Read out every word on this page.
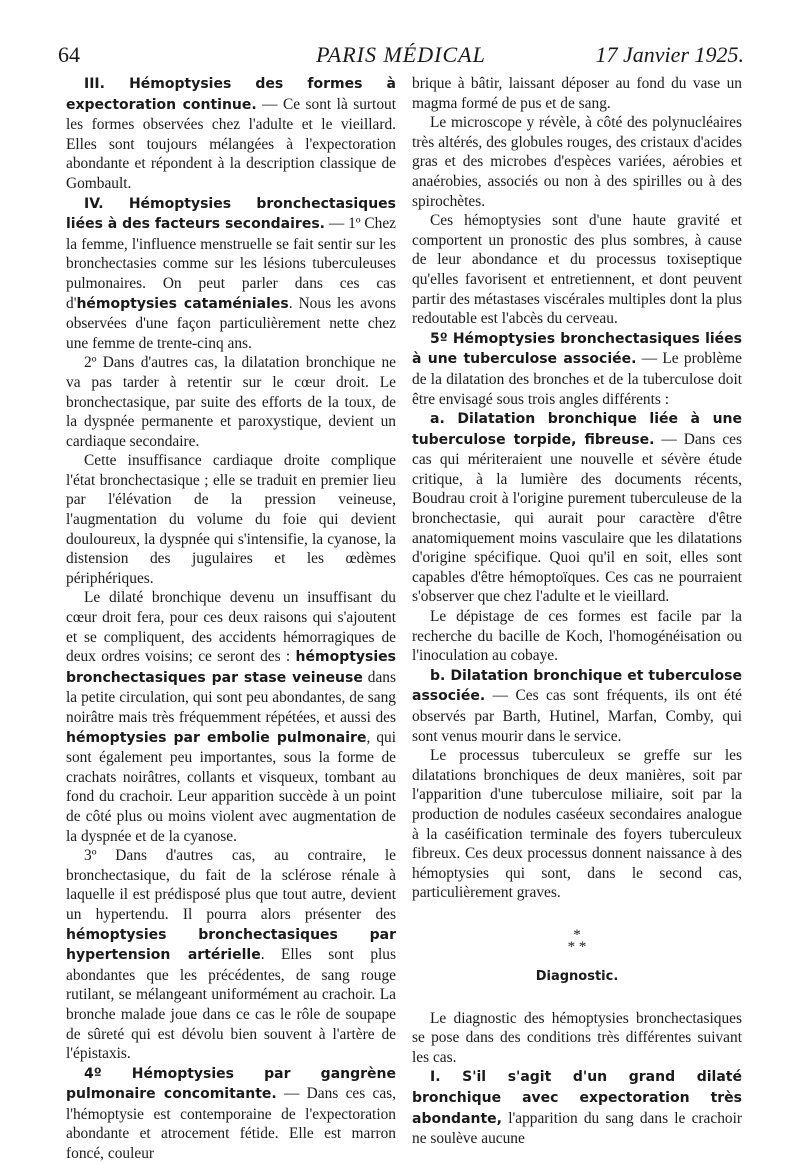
64	PARIS MÉDICAL	17 Janvier 1925.

III. Hémoptysies des formes à expectoration continue. — Ce sont là surtout les formes observées chez l'adulte et le vieillard. Elles sont toujours mélangées à l'expectoration abondante et répondent à la description classique de Gombault.

IV. Hémoptysies bronchectasiques liées à des facteurs secondaires. — 1º Chez la femme, l'influence menstruelle se fait sentir sur les bronchectasies comme sur les lésions tuberculeuses pulmonaires. On peut parler dans ces cas d'hémoptysies cataméniales. Nous les avons observées d'une façon particulièrement nette chez une femme de trente-cinq ans.

2º Dans d'autres cas, la dilatation bronchique ne va pas tarder à retentir sur le cœur droit. Le bronchectasique, par suite des efforts de la toux, de la dyspnée permanente et paroxystique, devient un cardiaque secondaire.

Cette insuffisance cardiaque droite complique l'état bronchectasique ; elle se traduit en premier lieu par l'élévation de la pression veineuse, l'augmentation du volume du foie qui devient douloureux, la dyspnée qui s'intensifie, la cyanose, la distension des jugulaires et les œdèmes périphériques.

Le dilaté bronchique devenu un insuffisant du cœur droit fera, pour ces deux raisons qui s'ajoutent et se compliquent, des accidents hémorragiques de deux ordres voisins; ce seront des : hémoptysies bronchectasiques par stase veineuse dans la petite circulation, qui sont peu abondantes, de sang noirâtre mais très fréquemment répétées, et aussi des hémoptysies par embolie pulmonaire, qui sont également peu importantes, sous la forme de crachats noirâtres, collants et visqueux, tombant au fond du crachoir. Leur apparition succède à un point de côté plus ou moins violent avec augmentation de la dyspnée et de la cyanose.

3º Dans d'autres cas, au contraire, le bronchectasique, du fait de la sclérose rénale à laquelle il est prédisposé plus que tout autre, devient un hypertendu. Il pourra alors présenter des hémoptysies bronchectasiques par hypertension artérielle. Elles sont plus abondantes que les précédentes, de sang rouge rutilant, se mélangeant uniformément au crachoir. La bronche malade joue dans ce cas le rôle de soupape de sûreté qui est dévolu bien souvent à l'artère de l'épistaxis.

4º Hémoptysies par gangrène pulmonaire concomitante. — Dans ces cas, l'hémoptysie est contemporaine de l'expectoration abondante et atrocement fétide. Elle est marron foncé, couleur

brique à bâtir, laissant déposer au fond du vase un magma formé de pus et de sang.

Le microscope y révèle, à côté des polynucléaires très altérés, des globules rouges, des cristaux d'acides gras et des microbes d'espèces variées, aérobies et anaérobies, associés ou non à des spirilles ou à des spirochètes.

Ces hémoptysies sont d'une haute gravité et comportent un pronostic des plus sombres, à cause de leur abondance et du processus toxiseptique qu'elles favorisent et entretiennent, et dont peuvent partir des métastases viscérales multiples dont la plus redoutable est l'abcès du cerveau.

5º Hémoptysies bronchectasiques liées à une tuberculose associée. — Le problème de la dilatation des bronches et de la tuberculose doit être envisagé sous trois angles différents :

a. Dilatation bronchique liée à une tuberculose torpide, fibreuse. — Dans ces cas qui mériteraient une nouvelle et sévère étude critique, à la lumière des documents récents, Boudrau croit à l'origine purement tuberculeuse de la bronchectasie, qui aurait pour caractère d'être anatomiquement moins vasculaire que les dilatations d'origine spécifique. Quoi qu'il en soit, elles sont capables d'être hémoptoïques. Ces cas ne pourraient s'observer que chez l'adulte et le vieillard.

Le dépistage de ces formes est facile par la recherche du bacille de Koch, l'homogénéisation ou l'inoculation au cobaye.

b. Dilatation bronchique et tuberculose associée. — Ces cas sont fréquents, ils ont été observés par Barth, Hutinel, Marfan, Comby, qui sont venus mourir dans le service.

Le processus tuberculeux se greffe sur les dilatations bronchiques de deux manières, soit par l'apparition d'une tuberculose miliaire, soit par la production de nodules caséeux secondaires analogue à la caséification terminale des foyers tuberculeux fibreux. Ces deux processus donnent naissance à des hémoptysies qui sont, dans le second cas, particulièrement graves.

*
* *
Diagnostic.

Le diagnostic des hémoptysies bronchectasiques se pose dans des conditions très différentes suivant les cas.

I. S'il s'agit d'un grand dilaté bronchique avec expectoration très abondante, l'apparition du sang dans le crachoir ne soulève aucune
